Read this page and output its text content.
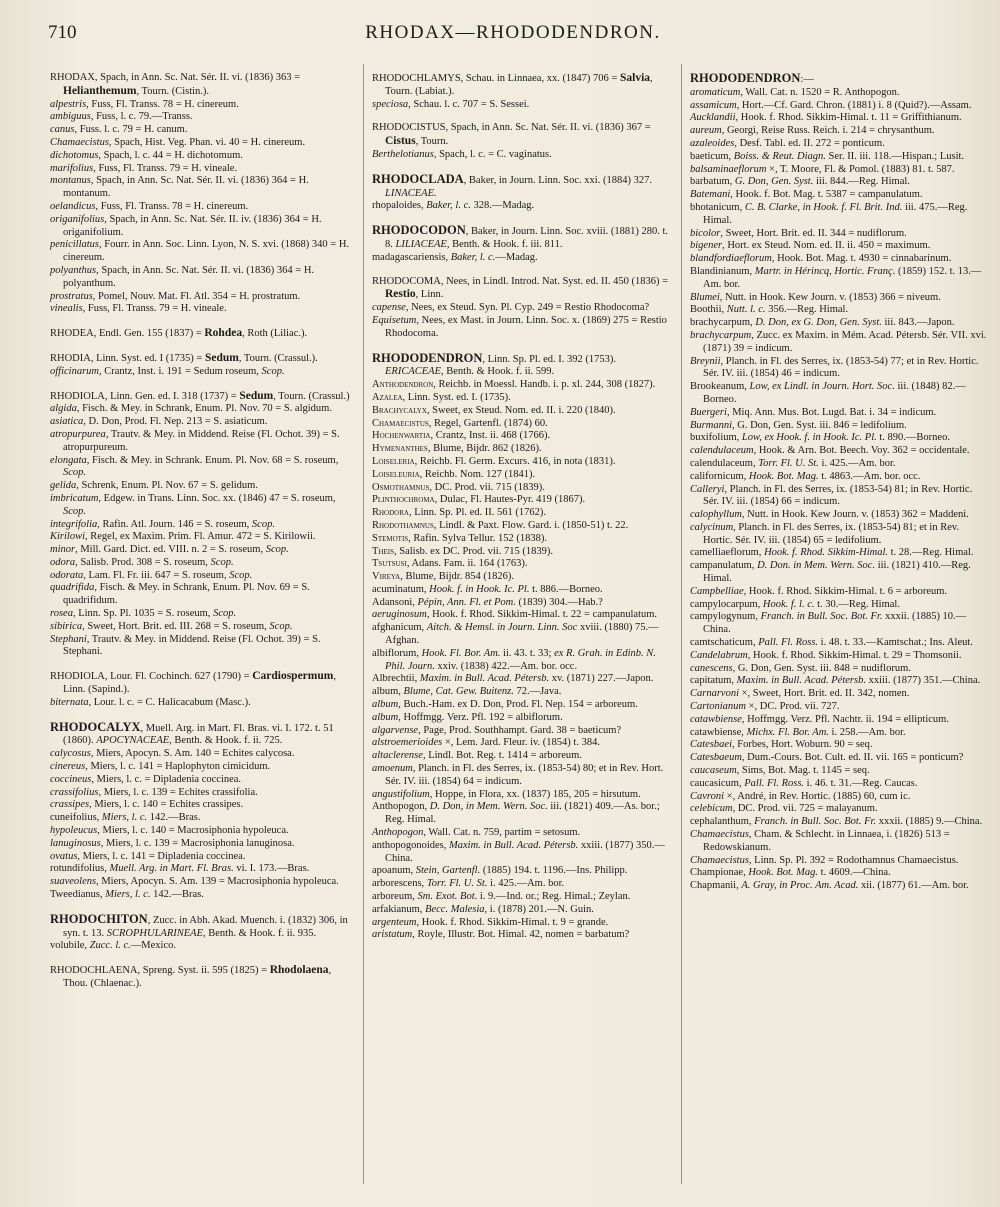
710	RHODAX—RHODODENDRON.

RHODAX, Spach, in Ann. Sc. Nat. Sér. II. vi. (1836) 363 = Helianthemum, Tourn. (Cistin.).

alpestris, Fuss, Fl. Transs. 78 = H. cinereum.

ambiguus, Fuss, l. c. 79.—Transs.

canus, Fuss. l. c. 79 = H. canum.

Chamaecistus, Spach, Hist. Veg. Phan. vi. 40 = H. cinereum.

dichotomus, Spach, l. c. 44 = H. dichotomum.

marifolius, Fuss, Fl. Transs. 79 = H. vineale.

montanus, Spach, in Ann. Sc. Nat. Sér. II. vi. (1836) 364 = H. montanum.

oelandicus, Fuss, Fl. Transs. 78 = H. cinereum.

origanifolius, Spach, in Ann. Sc. Nat. Sér. II. iv. (1836) 364 = H. origanifolium.

penicillatus, Fourr. in Ann. Soc. Linn. Lyon, N. S. xvi. (1868) 340 = H. cinereum.

polyanthus, Spach, in Ann. Sc. Nat. Sér. II. vi. (1836) 364 = H. polyanthum.

prostratus, Pomel, Nouv. Mat. Fl. Atl. 354 = H. prostratum.

vinealis, Fuss, Fl. Transs. 79 = H. vineale.

RHODEA, Endl. Gen. 155 (1837) = Rohdea, Roth (Liliac.).

RHODIA, Linn. Syst. ed. I (1735) = Sedum, Tourn. (Crassul.).

officinarum, Crantz, Inst. i. 191 = Sedum roseum, Scop.

RHODIOLA, Linn. Gen. ed. I. 318 (1737) = Sedum, Tourn. (Crassul.)

algida, Fisch. & Mey. in Schrank, Enum. Pl. Nov. 70 = S. algidum.

asiatica, D. Don, Prod. Fl. Nep. 213 = S. asiaticum.

atropurpurea, Trautv. & Mey. in Middend. Reise (Fl. Ochot. 39) = S. atropurpureum.

elongata, Fisch. & Mey. in Schrank. Enum. Pl. Nov. 68 = S. roseum, Scop.

gelida, Schrenk, Enum. Pl. Nov. 67 = S. gelidum.

imbricatum, Edgew. in Trans. Linn. Soc. xx. (1846) 47 = S. roseum, Scop.

integrifolia, Rafin. Atl. Journ. 146 = S. roseum, Scop.

Kirilowi, Regel, ex Maxim. Prim. Fl. Amur. 472 = S. Kirilowii.

minor, Mill. Gard. Dict. ed. VIII. n. 2 = S. roseum, Scop.

odora, Salisb. Prod. 308 = S. roseum, Scop.

odorata, Lam. Fl. Fr. iii. 647 = S. roseum, Scop.

quadrifida, Fisch. & Mey. in Schrank, Enum. Pl. Nov. 69 = S. quadrifidum.

rosea, Linn. Sp. Pl. 1035 = S. roseum, Scop.

sibirica, Sweet, Hort. Brit. ed. III. 268 = S. roseum, Scop.

Stephani, Trautv. & Mey. in Middend. Reise (Fl. Ochot. 39) = S. Stephani.

RHODIOLA, Lour. Fl. Cochinch. 627 (1790) = Cardiospermum, Linn. (Sapind.).

biternata, Lour. l. c. = C. Halicacabum (Masc.).

RHODOCALYX, Muell. Arg. in Mart. Fl. Bras. vi. I. 172. t. 51 (1860). APOCYNACEAE, Benth. & Hook. f. ii. 725.

calycosus, Miers, Apocyn. S. Am. 140 = Echites calycosa.

cinereus, Miers, l. c. 141 = Haplophyton cimicidum.

coccineus, Miers, l. c. = Dipladenia coccinea.

crassifolius, Miers, l. c. 139 = Echites crassifolia.

crassipes, Miers, l. c. 140 = Echites crassipes.

cuneifolius, Miers, l. c. 142.—Bras.

hypoleucus, Miers, l. c. 140 = Macrosiphonia hypoleuca.

lanuginosus, Miers, l. c. 139 = Macrosiphonia lanuginosa.

ovatus, Miers, l. c. 141 = Dipladenia coccinea.

rotundifolius, Muell. Arg. in Mart. Fl. Bras. vi. I. 173.—Bras.

suaveolens, Miers, Apocyn. S. Am. 139 = Macrosiphonia hypoleuca.

Tweedianus, Miers, l. c. 142.—Bras.

RHODOCHITON, Zucc. in Abh. Akad. Muench. i. (1832) 306, in syn. t. 13. SCROPHULARINEAE, Benth. & Hook. f. ii. 935.

volubile, Zucc. l. c.—Mexico.

RHODOCHLAENA, Spreng. Syst. ii. 595 (1825) = Rhodolaena, Thou. (Chlaenac.).

RHODOCHLAMYS, Schau. in Linnaea, xx. (1847) 706 = Salvia, Tourn. (Labiat.).

speciosa, Schau. l. c. 707 = S. Sessei.

RHODOCISTUS, Spach, in Ann. Sc. Nat. Sér. II. vi. (1836) 367 = Cistus, Tourn.

Berthelotianus, Spach, l. c. = C. vaginatus.

RHODOCLADA, Baker, in Journ. Linn. Soc. xxi. (1884) 327. LINACEAE.

rhopaloides, Baker, l. c. 328.—Madag.

RHODOCODON, Baker, in Journ. Linn. Soc. xviii. (1881) 280. t. 8. LILIACEAE, Benth. & Hook. f. iii. 811.

madagascariensis, Baker, l. c.—Madag.

RHODOCOMA, Nees, in Lindl. Introd. Nat. Syst. ed. II. 450 (1836) = Restio, Linn.

capense, Nees, ex Steud. Syn. Pl. Cyp. 249 = Restio Rhodocoma?

Equisetum, Nees, ex Mast. in Journ. Linn. Soc. x. (1869) 275 = Restio Rhodocoma.

RHODODENDRON, Linn. Sp. Pl. ed. I. 392 (1753). ERICACEAE, Benth. & Hook. f. ii. 599.

Anthodendron, Reichb. in Moessl. Handb. i. p. xl. 244, 308 (1827).

Azalea, Linn. Syst. ed. I. (1735).

Brachycalyx, Sweet, ex Steud. Nom. ed. II. i. 220 (1840).

Chamaecistus, Regel, Gartenfl. (1874) 60.

Hochenwartia, Crantz, Inst. ii. 468 (1766).

Hymenanthes, Blume, Bijdr. 862 (1826).

Loiseleria, Reichb. Fl. Germ. Excurs. 416, in nota (1831).

Loiseleuria, Reichb. Nom. 127 (1841).

Osmothamnus, DC. Prod. vii. 715 (1839).

Plinthochroma, Dulac, Fl. Hautes-Pyr. 419 (1867).

Rhodora, Linn. Sp. Pl. ed. II. 561 (1762).

Rhodothamnus, Lindl. & Paxt. Flow. Gard. i. (1850-51) t. 22.

Stemotis, Rafin. Sylva Tellur. 152 (1838).

Theis, Salisb. ex DC. Prod. vii. 715 (1839).

Tsutsusi, Adans. Fam. ii. 164 (1763).

Vireya, Blume, Bijdr. 854 (1826).

acuminatum, Hook. f. in Hook. Ic. Pl. t. 886.—Borneo.

Adansoni, Pépin, Ann. Fl. et Pom. (1839) 304.—Hab.?

aeruginosum, Hook. f. Rhod. Sikkim-Himal. t. 22 = campanulatum.

afghanicum, Aitch. & Hemsl. in Journ. Linn. Soc xviii. (1880) 75.—Afghan.

albiflorum, Hook. Fl. Bor. Am. ii. 43. t. 33; ex R. Grah. in Edinb. N. Phil. Journ. xxiv. (1838) 422.—Am. bor. occ.

Albrechtii, Maxim. in Bull. Acad. Pétersb. xv. (1871) 227.—Japon.

album, Blume, Cat. Gew. Buitenz. 72.—Java.

album, Buch.-Ham. ex D. Don, Prod. Fl. Nep. 154 = arboreum.

album, Hoffmgg. Verz. Pfl. 192 = albiflorum.

algarvense, Page, Prod. Southhampt. Gard. 38 = baeticum?

alstroemerioides ×, Lem. Jard. Fleur. iv. (1854) t. 384.

altaclerense, Lindl. Bot. Reg. t. 1414 = arboreum.

amoenum, Planch. in Fl. des Serres, ix. (1853-54) 80; et in Rev. Hort. Sér. IV. iii. (1854) 64 = indicum.

angustifolium, Hoppe, in Flora, xx. (1837) 185, 205 = hirsutum.

Anthopogon, D. Don, in Mem. Wern. Soc. iii. (1821) 409.—As. bor.; Reg. Himal.

Anthopogon, Wall. Cat. n. 759, partim = setosum.

anthopogonoides, Maxim. in Bull. Acad. Pétersb. xxiii. (1877) 350.—China.

apoanum, Stein, Gartenfl. (1885) 194. t. 1196.—Ins. Philipp.

arborescens, Torr. Fl. U. St. i. 425.—Am. bor.

arboreum, Sm. Exot. Bot. i. 9.—Ind. or.; Reg. Himal.; Zeylan.

arfakianum, Becc. Malesia, i. (1878) 201.—N. Guin.

argenteum, Hook. f. Rhod. Sikkim-Himal. t. 9 = grande.

aristatum, Royle, Illustr. Bot. Himal. 42, nomen = barbatum?

RHODODENDRON:—

aromaticum, Wall. Cat. n. 1520 = R. Anthopogon.

assamicum, Hort.—Cf. Gard. Chron. (1881) i. 8 (Quid?).—Assam.

Aucklandii, Hook. f. Rhod. Sikkim-Himal. t. 11 = Griffithianum.

aureum, Georgi, Reise Russ. Reich. i. 214 = chrysanthum.

azaleoides, Desf. Tabl. ed. II. 272 = ponticum.

baeticum, Boiss. & Reut. Diagn. Ser. II. iii. 118.—Hispan.; Lusit.

balsaminaeflorum ×, T. Moore, Fl. & Pomol. (1883) 81. t. 587.

barbatum, G. Don, Gen. Syst. iii. 844.—Reg. Himal.

Batemani, Hook. f. Bot. Mag. t. 5387 = campanulatum.

bhotanicum, C. B. Clarke, in Hook. f. Fl. Brit. Ind. iii. 475.—Reg. Himal.

bicolor, Sweet, Hort. Brit. ed. II. 344 = nudiflorum.

bigener, Hort. ex Steud. Nom. ed. II. ii. 450 = maximum.

blandfordiaeflorum, Hook. Bot. Mag. t. 4930 = cinnabarinum.

Blandinianum, Martr. in Hérincq, Hortic. Franç. (1859) 152. t. 13.—Am. bor.

Blumei, Nutt. in Hook. Kew Journ. v. (1853) 366 = niveum.

Boothii, Nutt. l. c. 356.—Reg. Himal.

brachycarpum, D. Don, ex G. Don, Gen. Syst. iii. 843.—Japon.

brachycarpum, Zucc. ex Maxim. in Mém. Acad. Pétersb. Sér. VII. xvi. (1871) 39 = indicum.

Breynii, Planch. in Fl. des Serres, ix. (1853-54) 77; et in Rev. Hortic. Sér. IV. iii. (1854) 46 = indicum.

Brookeanum, Low, ex Lindl. in Journ. Hort. Soc. iii. (1848) 82.—Borneo.

Buergeri, Miq. Ann. Mus. Bot. Lugd. Bat. i. 34 = indicum.

Burmanni, G. Don, Gen. Syst. iii. 846 = ledifolium.

buxifolium, Low, ex Hook. f. in Hook. Ic. Pl. t. 890.—Borneo.

calendulaceum, Hook. & Arn. Bot. Beech. Voy. 362 = occidentale.

calendulaceum, Torr. Fl. U. St. i. 425.—Am. bor.

californicum, Hook. Bot. Mag. t. 4863.—Am. bor. occ.

Calleryi, Planch. in Fl. des Serres, ix. (1853-54) 81; in Rev. Hortic. Sér. IV. iii. (1854) 66 = indicum.

calophyllum, Nutt. in Hook. Kew Journ. v. (1853) 362 = Maddeni.

calycinum, Planch. in Fl. des Serres, ix. (1853-54) 81; et in Rev. Hortic. Sér. IV. iii. (1854) 65 = ledifolium.

camelliaeflorum, Hook. f. Rhod. Sikkim-Himal. t. 28.—Reg. Himal.

campanulatum, D. Don. in Mem. Wern. Soc. iii. (1821) 410.—Reg. Himal.

Campbelliae, Hook. f. Rhod. Sikkim-Himal. t. 6 = arboreum.

campylocarpum, Hook. f. l. c. t. 30.—Reg. Himal.

campylogynum, Franch. in Bull. Soc. Bot. Fr. xxxii. (1885) 10.—China.

camtschaticum, Pall. Fl. Ross. i. 48. t. 33.—Kamtschat.; Ins. Aleut.

Candelabrum, Hook. f. Rhod. Sikkim-Himal. t. 29 = Thomsonii.

canescens, G. Don, Gen. Syst. iii. 848 = nudiflorum.

capitatum, Maxim. in Bull. Acad. Pétersb. xxiii. (1877) 351.—China.

Carnarvoni ×, Sweet, Hort. Brit. ed. II. 342, nomen.

Cartonianum ×, DC. Prod. vii. 727.

catawbiense, Hoffmgg. Verz. Pfl. Nachtr. ii. 194 = ellipticum.

catawbiense, Michx. Fl. Bor. Am. i. 258.—Am. bor.

Catesbaei, Forbes, Hort. Woburn. 90 = seq.

Catesbaeum, Dum.-Cours. Bot. Cult. ed. II. vii. 165 = ponticum?

caucaseum, Sims, Bot. Mag. t. 1145 = seq.

caucasicum, Pall. Fl. Ross. i. 46. t. 31.—Reg. Caucas.

Cavroni ×, André, in Rev. Hortic. (1885) 60, cum ic.

celebicum, DC. Prod. vii. 725 = malayanum.

cephalanthum, Franch. in Bull. Soc. Bot. Fr. xxxii. (1885) 9.—China.

Chamaecistus, Cham. & Schlecht. in Linnaea, i. (1826) 513 = Redowskianum.

Chamaecistus, Linn. Sp. Pl. 392 = Rodothamnus Chamaecistus.

Championae, Hook. Bot. Mag. t. 4609.—China.

Chapmanii, A. Gray, in Proc. Am. Acad. xii. (1877) 61.—Am. bor.
